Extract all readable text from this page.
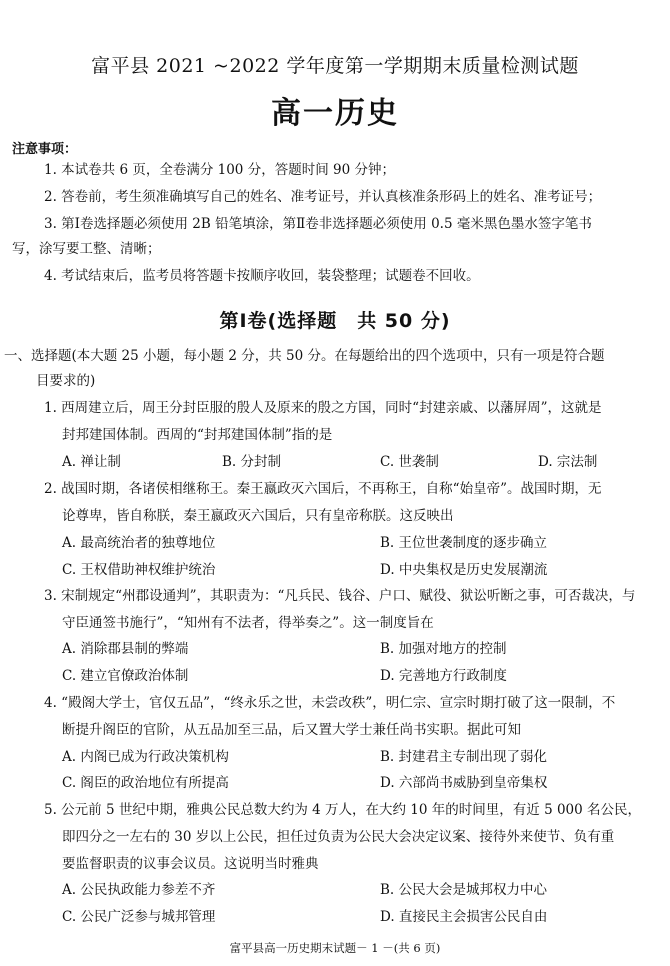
富平县 2021 ~2022 学年度第一学期期末质量检测试题
高一历史
注意事项：
1. 本试卷共 6 页，全卷满分 100 分，答题时间 90 分钟；
2. 答卷前，考生须准确填写自己的姓名、准考证号，并认真核准条形码上的姓名、准考证号；
3. 第Ⅰ卷选择题必须使用 2B 铅笔填涂，第Ⅱ卷非选择题必须使用 0.5 毫米黑色墨水签字笔书
写，涂写要工整、清晰；
4. 考试结束后，监考员将答题卡按顺序收回，装袋整理；试题卷不回收。
第Ⅰ卷(选择题　共 50 分)
一、选择题(本大题 25 小题，每小题 2 分，共 50 分。在每题给出的四个选项中，只有一项是符合题
目要求的)
1. 西周建立后，周王分封臣服的殷人及原来的殷之方国，同时“封建亲戚、以藩屏周”，这就是
封邦建国体制。西周的“封邦建国体制”指的是
A. 禅让制	B. 分封制	C. 世袭制	D. 宗法制
2. 战国时期，各诸侯相继称王。秦王嬴政灭六国后，不再称王，自称“始皇帝”。战国时期，无
论尊卑，皆自称朕，秦王嬴政灭六国后，只有皇帝称朕。这反映出
A. 最高统治者的独尊地位	B. 王位世袭制度的逐步确立
C. 王权借助神权维护统治	D. 中央集权是历史发展潮流
3. 宋制规定“州郡设通判”，其职责为：“凡兵民、钱谷、户口、赋役、狱讼听断之事，可否裁决，与
守臣通签书施行”，“知州有不法者，得举奏之”。这一制度旨在
A. 消除郡县制的弊端	B. 加强对地方的控制
C. 建立官僚政治体制	D. 完善地方行政制度
4. “殿阁大学士，官仅五品”，“终永乐之世，未尝改秩”，明仁宗、宣宗时期打破了这一限制，不
断提升阁臣的官阶，从五品加至三品，后又置大学士兼任尚书实职。据此可知
A. 内阁已成为行政决策机构	B. 封建君主专制出现了弱化
C. 阁臣的政治地位有所提高	D. 六部尚书威胁到皇帝集权
5. 公元前 5 世纪中期，雅典公民总数大约为 4 万人，在大约 10 年的时间里，有近 5 000 名公民，
即四分之一左右的 30 岁以上公民，担任过负责为公民大会决定议案、接待外来使节、负有重
要监督职责的议事会议员。这说明当时雅典
A. 公民执政能力参差不齐	B. 公民大会是城邦权力中心
C. 公民广泛参与城邦管理	D. 直接民主会损害公民自由
富平县高一历史期末试题－ 1 －(共 6 页)
